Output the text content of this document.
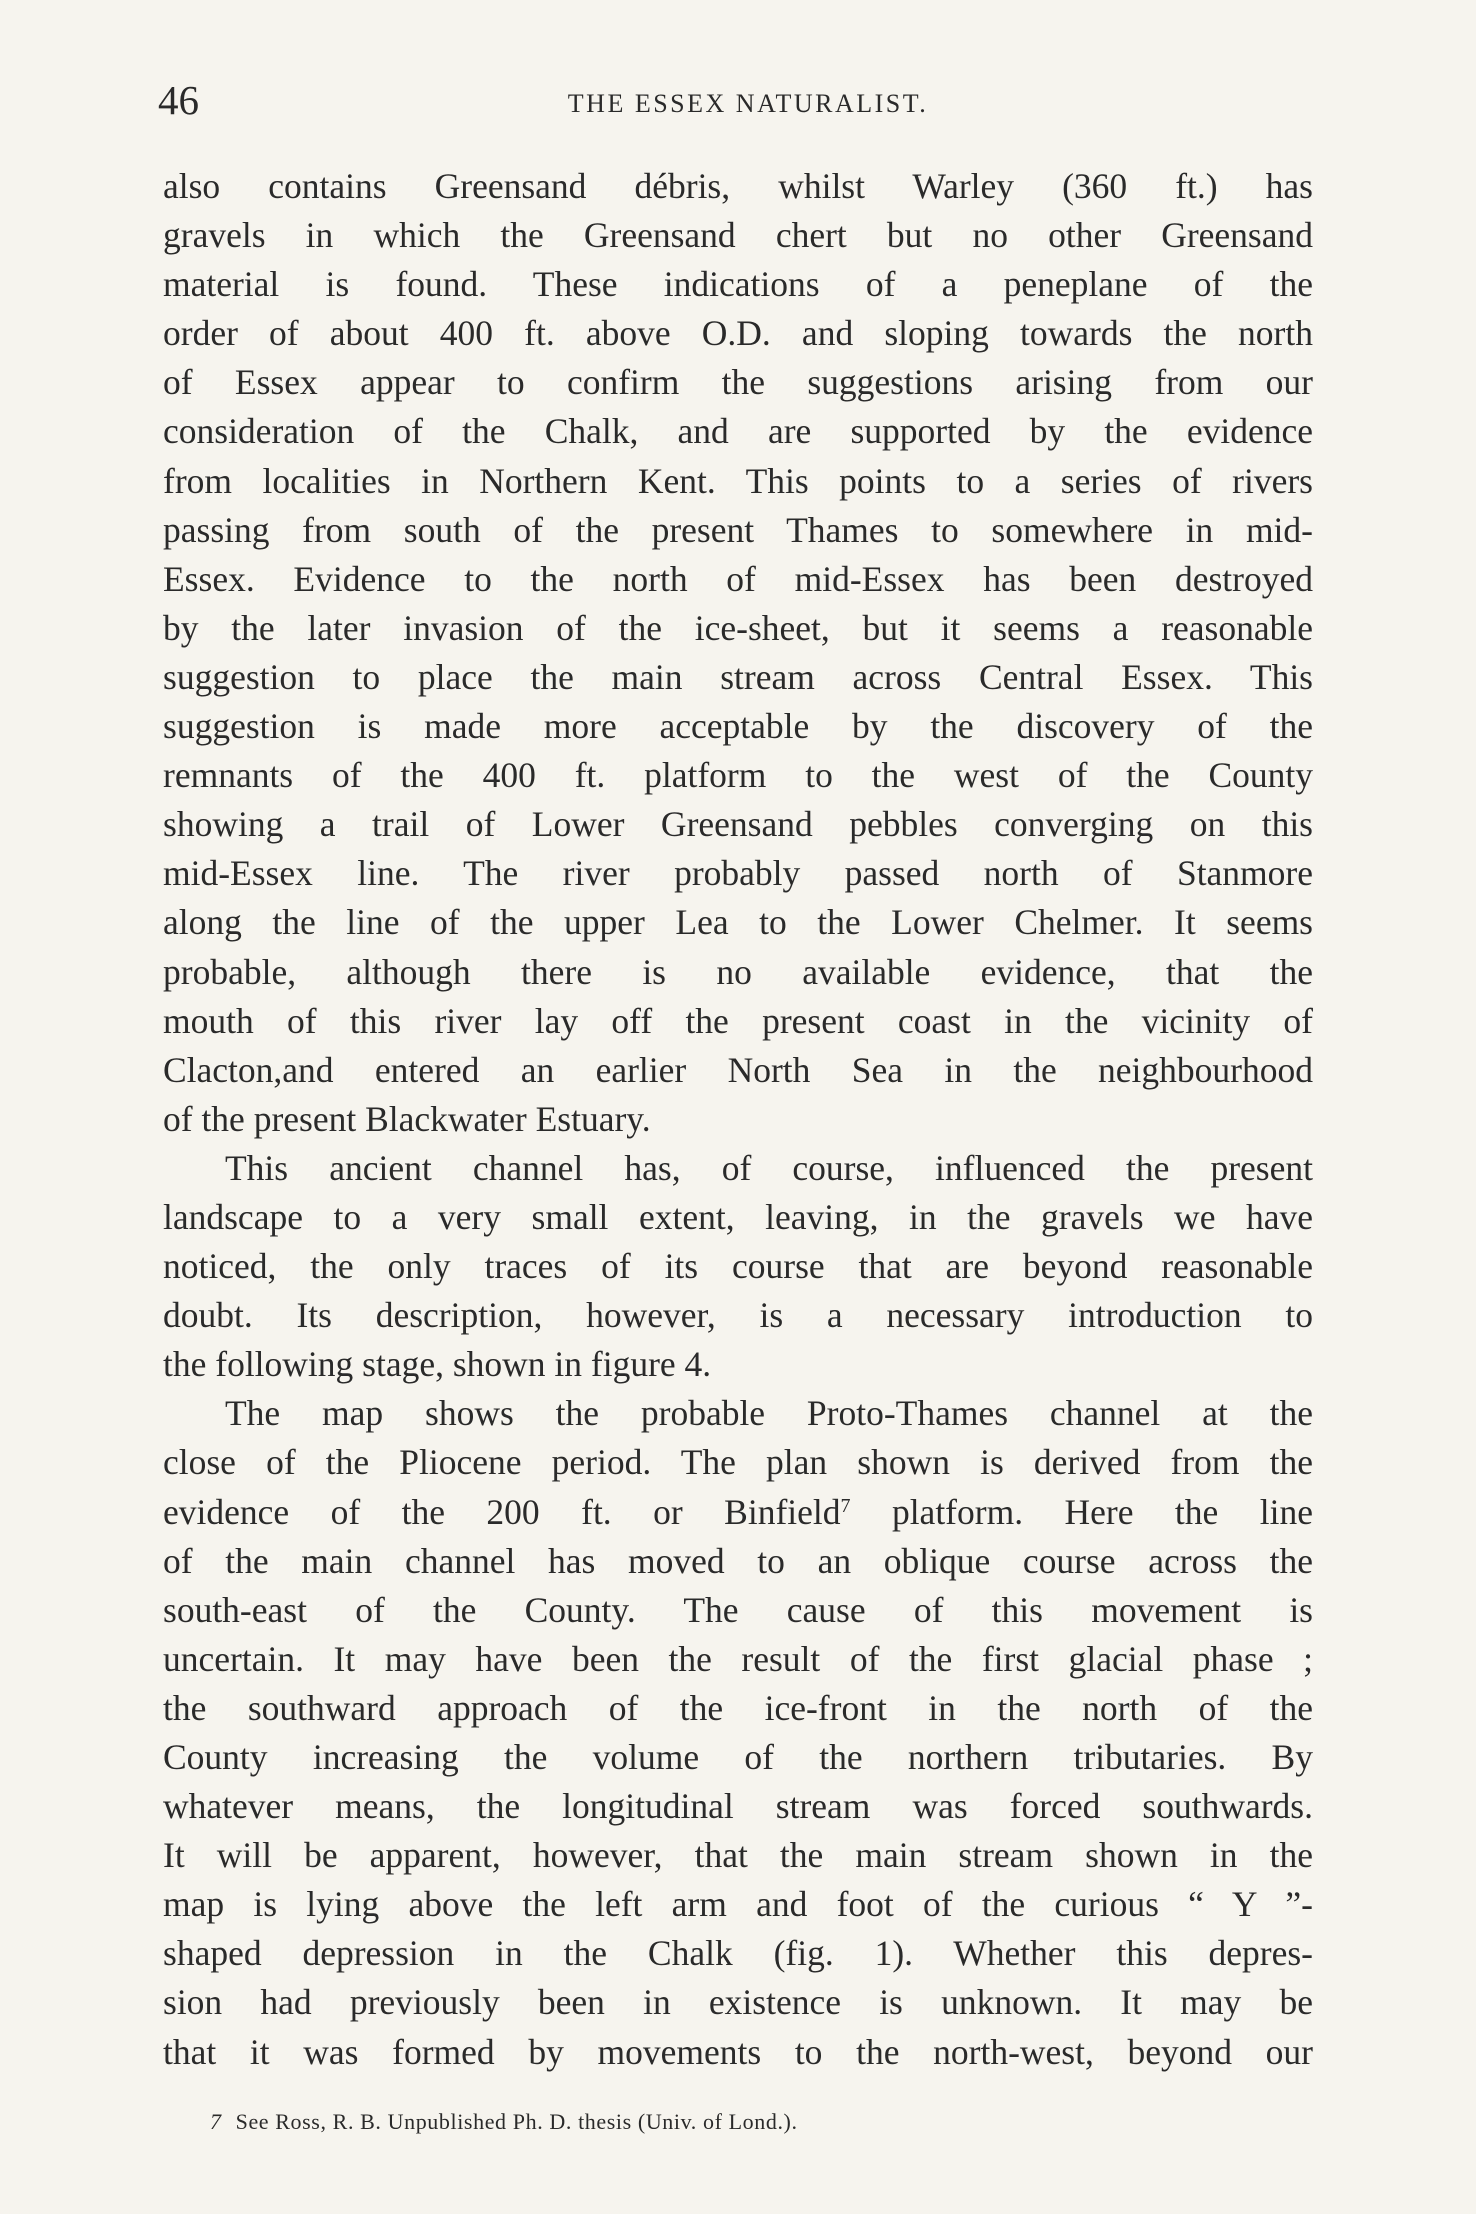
46	THE ESSEX NATURALIST.
also contains Greensand débris, whilst Warley (360 ft.) has
gravels in which the Greensand chert but no other Greensand
material is found. These indications of a peneplane of the
order of about 400 ft. above O.D. and sloping towards the north
of Essex appear to confirm the suggestions arising from our
consideration of the Chalk, and are supported by the evidence
from localities in Northern Kent. This points to a series of rivers
passing from south of the present Thames to somewhere in mid-
Essex. Evidence to the north of mid-Essex has been destroyed
by the later invasion of the ice-sheet, but it seems a reasonable
suggestion to place the main stream across Central Essex. This
suggestion is made more acceptable by the discovery of the
remnants of the 400 ft. platform to the west of the County
showing a trail of Lower Greensand pebbles converging on this
mid-Essex line. The river probably passed north of Stanmore
along the line of the upper Lea to the Lower Chelmer. It seems
probable, although there is no available evidence, that the
mouth of this river lay off the present coast in the vicinity of
Clacton,and entered an earlier North Sea in the neighbourhood
of the present Blackwater Estuary.
This ancient channel has, of course, influenced the present
landscape to a very small extent, leaving, in the gravels we have
noticed, the only traces of its course that are beyond reasonable
doubt. Its description, however, is a necessary introduction to
the following stage, shown in figure 4.
The map shows the probable Proto-Thames channel at the
close of the Pliocene period. The plan shown is derived from the
evidence of the 200 ft. or Binfield$^7$ platform. Here the line
of the main channel has moved to an oblique course across the
south-east of the County. The cause of this movement is
uncertain. It may have been the result of the first glacial phase ;
the southward approach of the ice-front in the north of the
County increasing the volume of the northern tributaries. By
whatever means, the longitudinal stream was forced southwards.
It will be apparent, however, that the main stream shown in the
map is lying above the left arm and foot of the curious “ Y ”-
shaped depression in the Chalk (fig. 1). Whether this depres-
sion had previously been in existence is unknown. It may be
that it was formed by movements to the north-west, beyond our
7 See Ross, R. B. Unpublished Ph. D. thesis (Univ. of Lond.).
